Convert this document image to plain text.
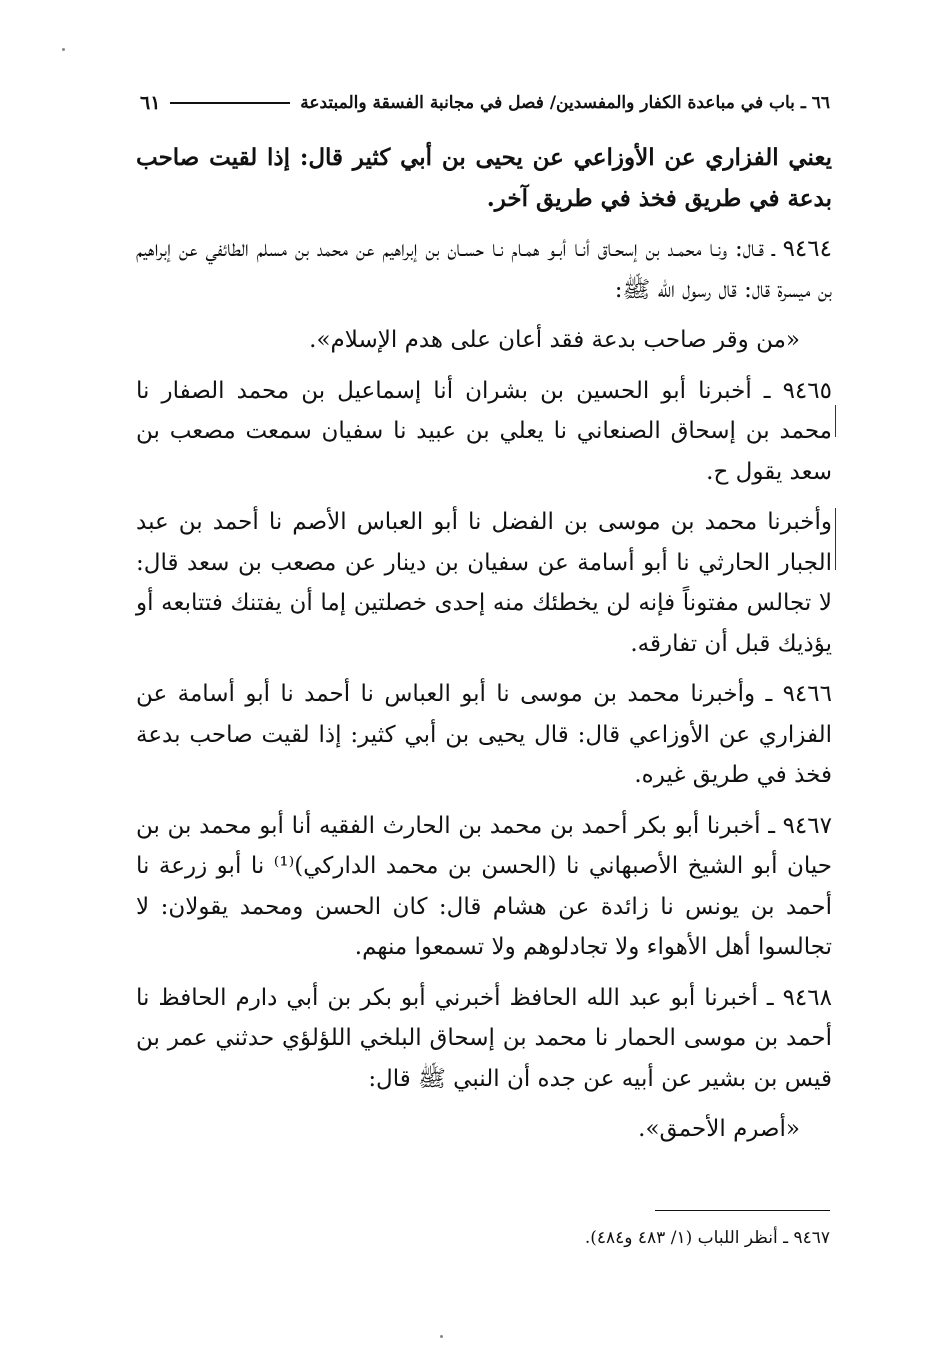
٦٦ ـ باب في مباعدة الكفار والمفسدين/ فصل في مجانبة الفسقة والمبتدعة
٦١

يعني الفزاري عن الأوزاعي عن يحيى بن أبي كثير قال: إذا لقيت صاحب بدعة في طريق فخذ في طريق آخر.

٩٤٦٤ ـ قـال: ونـا محمـد بن إسحـاق أنـا أبـو همـام نـا حسـان بن إبراهيم عن محمد بن مسلم الطائفي عن إبراهيم بن ميسرة قال: قال رسول الله ﷺ:

«من وقر صاحب بدعة فقد أعان على هدم الإسلام».

٩٤٦٥ ـ أخبرنا أبو الحسين بن بشران أنا إسماعيل بن محمد الصفار نا محمد بن إسحاق الصنعاني نا يعلي بن عبيد نا سفيان سمعت مصعب بن سعد يقول ح.

وأخبرنا محمد بن موسى بن الفضل نا أبو العباس الأصم نا أحمد بن عبد الجبار الحارثي نا أبو أسامة عن سفيان بن دينار عن مصعب بن سعد قال: لا تجالس مفتوناً فإنه لن يخطئك منه إحدى خصلتين إما أن يفتنك فتتابعه أو يؤذيك قبل أن تفارقه.

٩٤٦٦ ـ وأخبرنا محمد بن موسى نا أبو العباس نا أحمد نا أبو أسامة عن الفزاري عن الأوزاعي قال: قال يحيى بن أبي كثير: إذا لقيت صاحب بدعة فخذ في طريق غيره.

٩٤٦٧ ـ أخبرنا أبو بكر أحمد بن محمد بن الحارث الفقيه أنا أبو محمد بن بن حيان أبو الشيخ الأصبهاني نا (الحسن بن محمد الداركي)⁽¹⁾ نا أبو زرعة نا أحمد بن يونس نا زائدة عن هشام قال: كان الحسن ومحمد يقولان: لا تجالسوا أهل الأهواء ولا تجادلوهم ولا تسمعوا منهم.

٩٤٦٨ ـ أخبرنا أبو عبد الله الحافظ أخبرني أبو بكر بن أبي دارم الحافظ نا أحمد بن موسى الحمار نا محمد بن إسحاق البلخي اللؤلؤي حدثني عمر بن قيس بن بشير عن أبيه عن جده أن النبي ﷺ قال:

«أصرم الأحمق».

٩٤٦٧ ـ أنظر اللباب (١/ ٤٨٣ و٤٨٤).
